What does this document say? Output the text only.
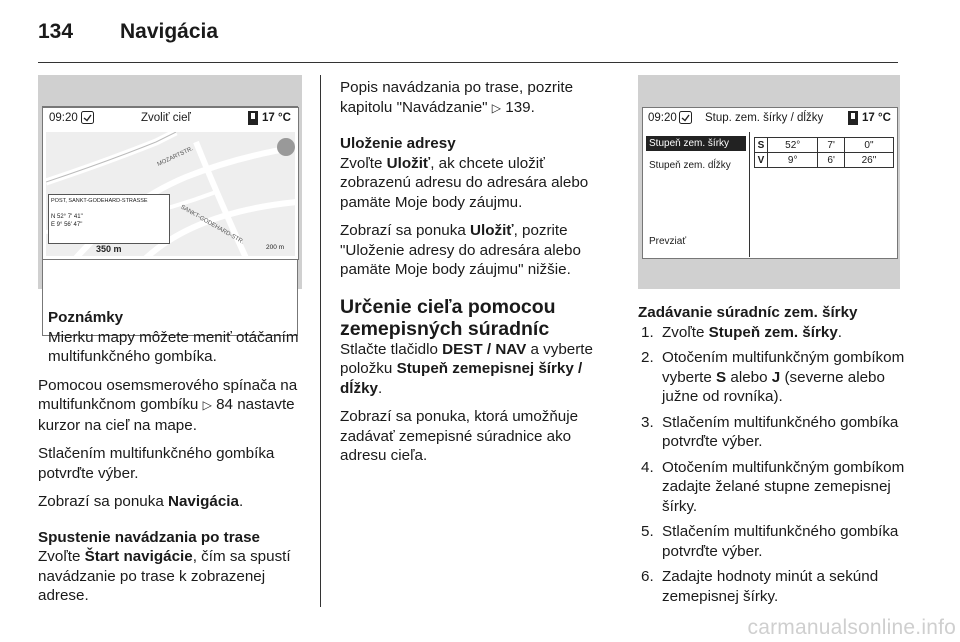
134 Navigácia
09:20	Zvoliť cieľ	17 °C
MOZARTSTR.
SANKT-GODEHARD-STR.
POST, SANKT-GODEHARD-STRASSE
N 52° 7' 41"
E 9° 56' 47"
350 m	200 m

Poznámky

Mierku mapy môžete meniť otáčaním multifunkčného gombíka.

Pomocou osemsmerového spínača na multifunkčnom gombíku ▷ 84 nastavte kurzor na cieľ na mape.

Stlačením multifunkčného gombíka potvrďte výber.

Zobrazí sa ponuka Navigácia.

Spustenie navádzania po trase

Zvoľte Štart navigácie, čím sa spustí navádzanie po trase k zobrazenej adrese.

Popis navádzania po trase, pozrite kapitolu "Navádzanie" ▷ 139.

Uloženie adresy

Zvoľte Uložiť, ak chcete uložiť zobrazenú adresu do adresára alebo pamäte Moje body záujmu.

Zobrazí sa ponuka Uložiť, pozrite "Uloženie adresy do adresára alebo pamäte Moje body záujmu" nižšie.

Určenie cieľa pomocou zemepisných súradníc

Stlačte tlačidlo DEST / NAV a vyberte položku Stupeň zemepisnej šírky / dĺžky.

Zobrazí sa ponuka, ktorá umožňuje zadávať zemepisné súradnice ako adresu cieľa.

09:20 Stup. zem. šírky / dĺžky	17 °C
Stupeň zem. šírky
Stupeň zem. dĺžky
Prevziať
S	52°	7'	0"
V	9°	6'	26"

Zadávanie súradníc zem. šírky

1. Zvoľte Stupeň zem. šírky.
2. Otočením multifunkčným gombíkom vyberte S alebo J (severne alebo južne od rovníka).
3. Stlačením multifunkčného gombíka potvrďte výber.
4. Otočením multifunkčným gombíkom zadajte želané stupne zemepisnej šírky.
5. Stlačením multifunkčného gombíka potvrďte výber.
6. Zadajte hodnoty minút a sekúnd zemepisnej šírky.
carmanualsonline.info
